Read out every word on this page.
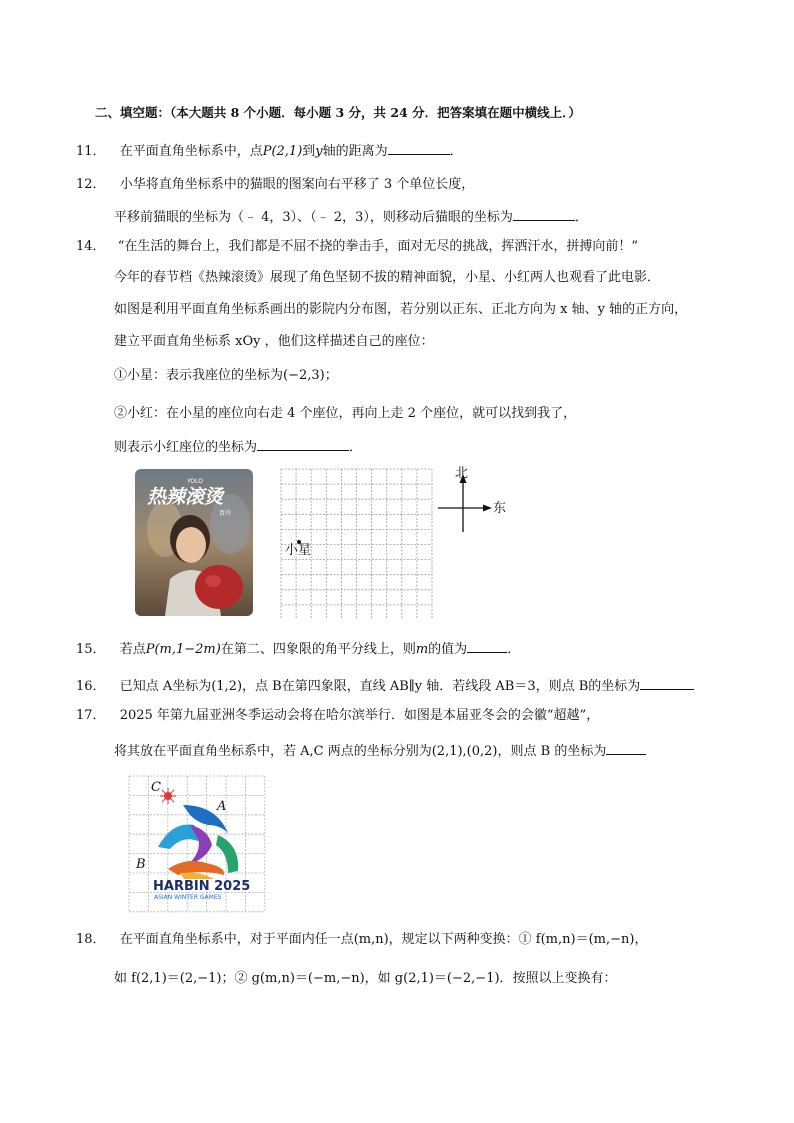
二、填空题：（本大题共 8 个小题．每小题 3 分，共 24 分．把答案填在题中横线上．）
11． 在平面直角坐标系中，点P(2,1)到y轴的距离为	．
12． 小华将直角坐标系中的猫眼的图案向右平移了 3 个单位长度，
平移前猫眼的坐标为（﹣ 4，3）、（﹣ 2，3），则移动后猫眼的坐标为	．
14． “在生活的舞台上，我们都是不屈不挠的拳击手，面对无尽的挑战，挥洒汗水，拼搏向前！”
今年的春节档《热辣滚烫》展现了角色坚韧不拔的精神面貌，小星、小红两人也观看了此电影．
如图是利用平面直角坐标系画出的影院内分布图，若分别以正东、正北方向为 x 轴、y 轴的正方向，
建立平面直角坐标系 xOy ，他们这样描述自己的座位：
①小星：表示我座位的坐标为(−2,3)；
②小红：在小星的座位向右走 4 个座位，再向上走 2 个座位，就可以找到我了，
则表示小红座位的坐标为	．
热辣滚烫
YOLO
贾玲
小星
北
东
15． 若点P(m,1−2m)在第二、四象限的角平分线上，则m的值为	．
16． 已知点 A坐标为(1,2)，点 B在第四象限，直线 AB∥y 轴．若线段 AB＝3，则点 B的坐标为
17． 2025 年第九届亚洲冬季运动会将在哈尔滨举行．如图是本届亚冬会的会徽“超越”，
将其放在平面直角坐标系中，若 A,C 两点的坐标分别为(2,1),(0,2)，则点 B 的坐标为
HARBIN 2025
ASIAN WINTER GAMES
C
A
B
18． 在平面直角坐标系中，对于平面内任一点(m,n)，规定以下两种变换：① f(m,n)＝(m,−n)，
如 f(2,1)＝(2,−1)；② g(m,n)＝(−m,−n)，如 g(2,1)＝(−2,−1)．按照以上变换有：
